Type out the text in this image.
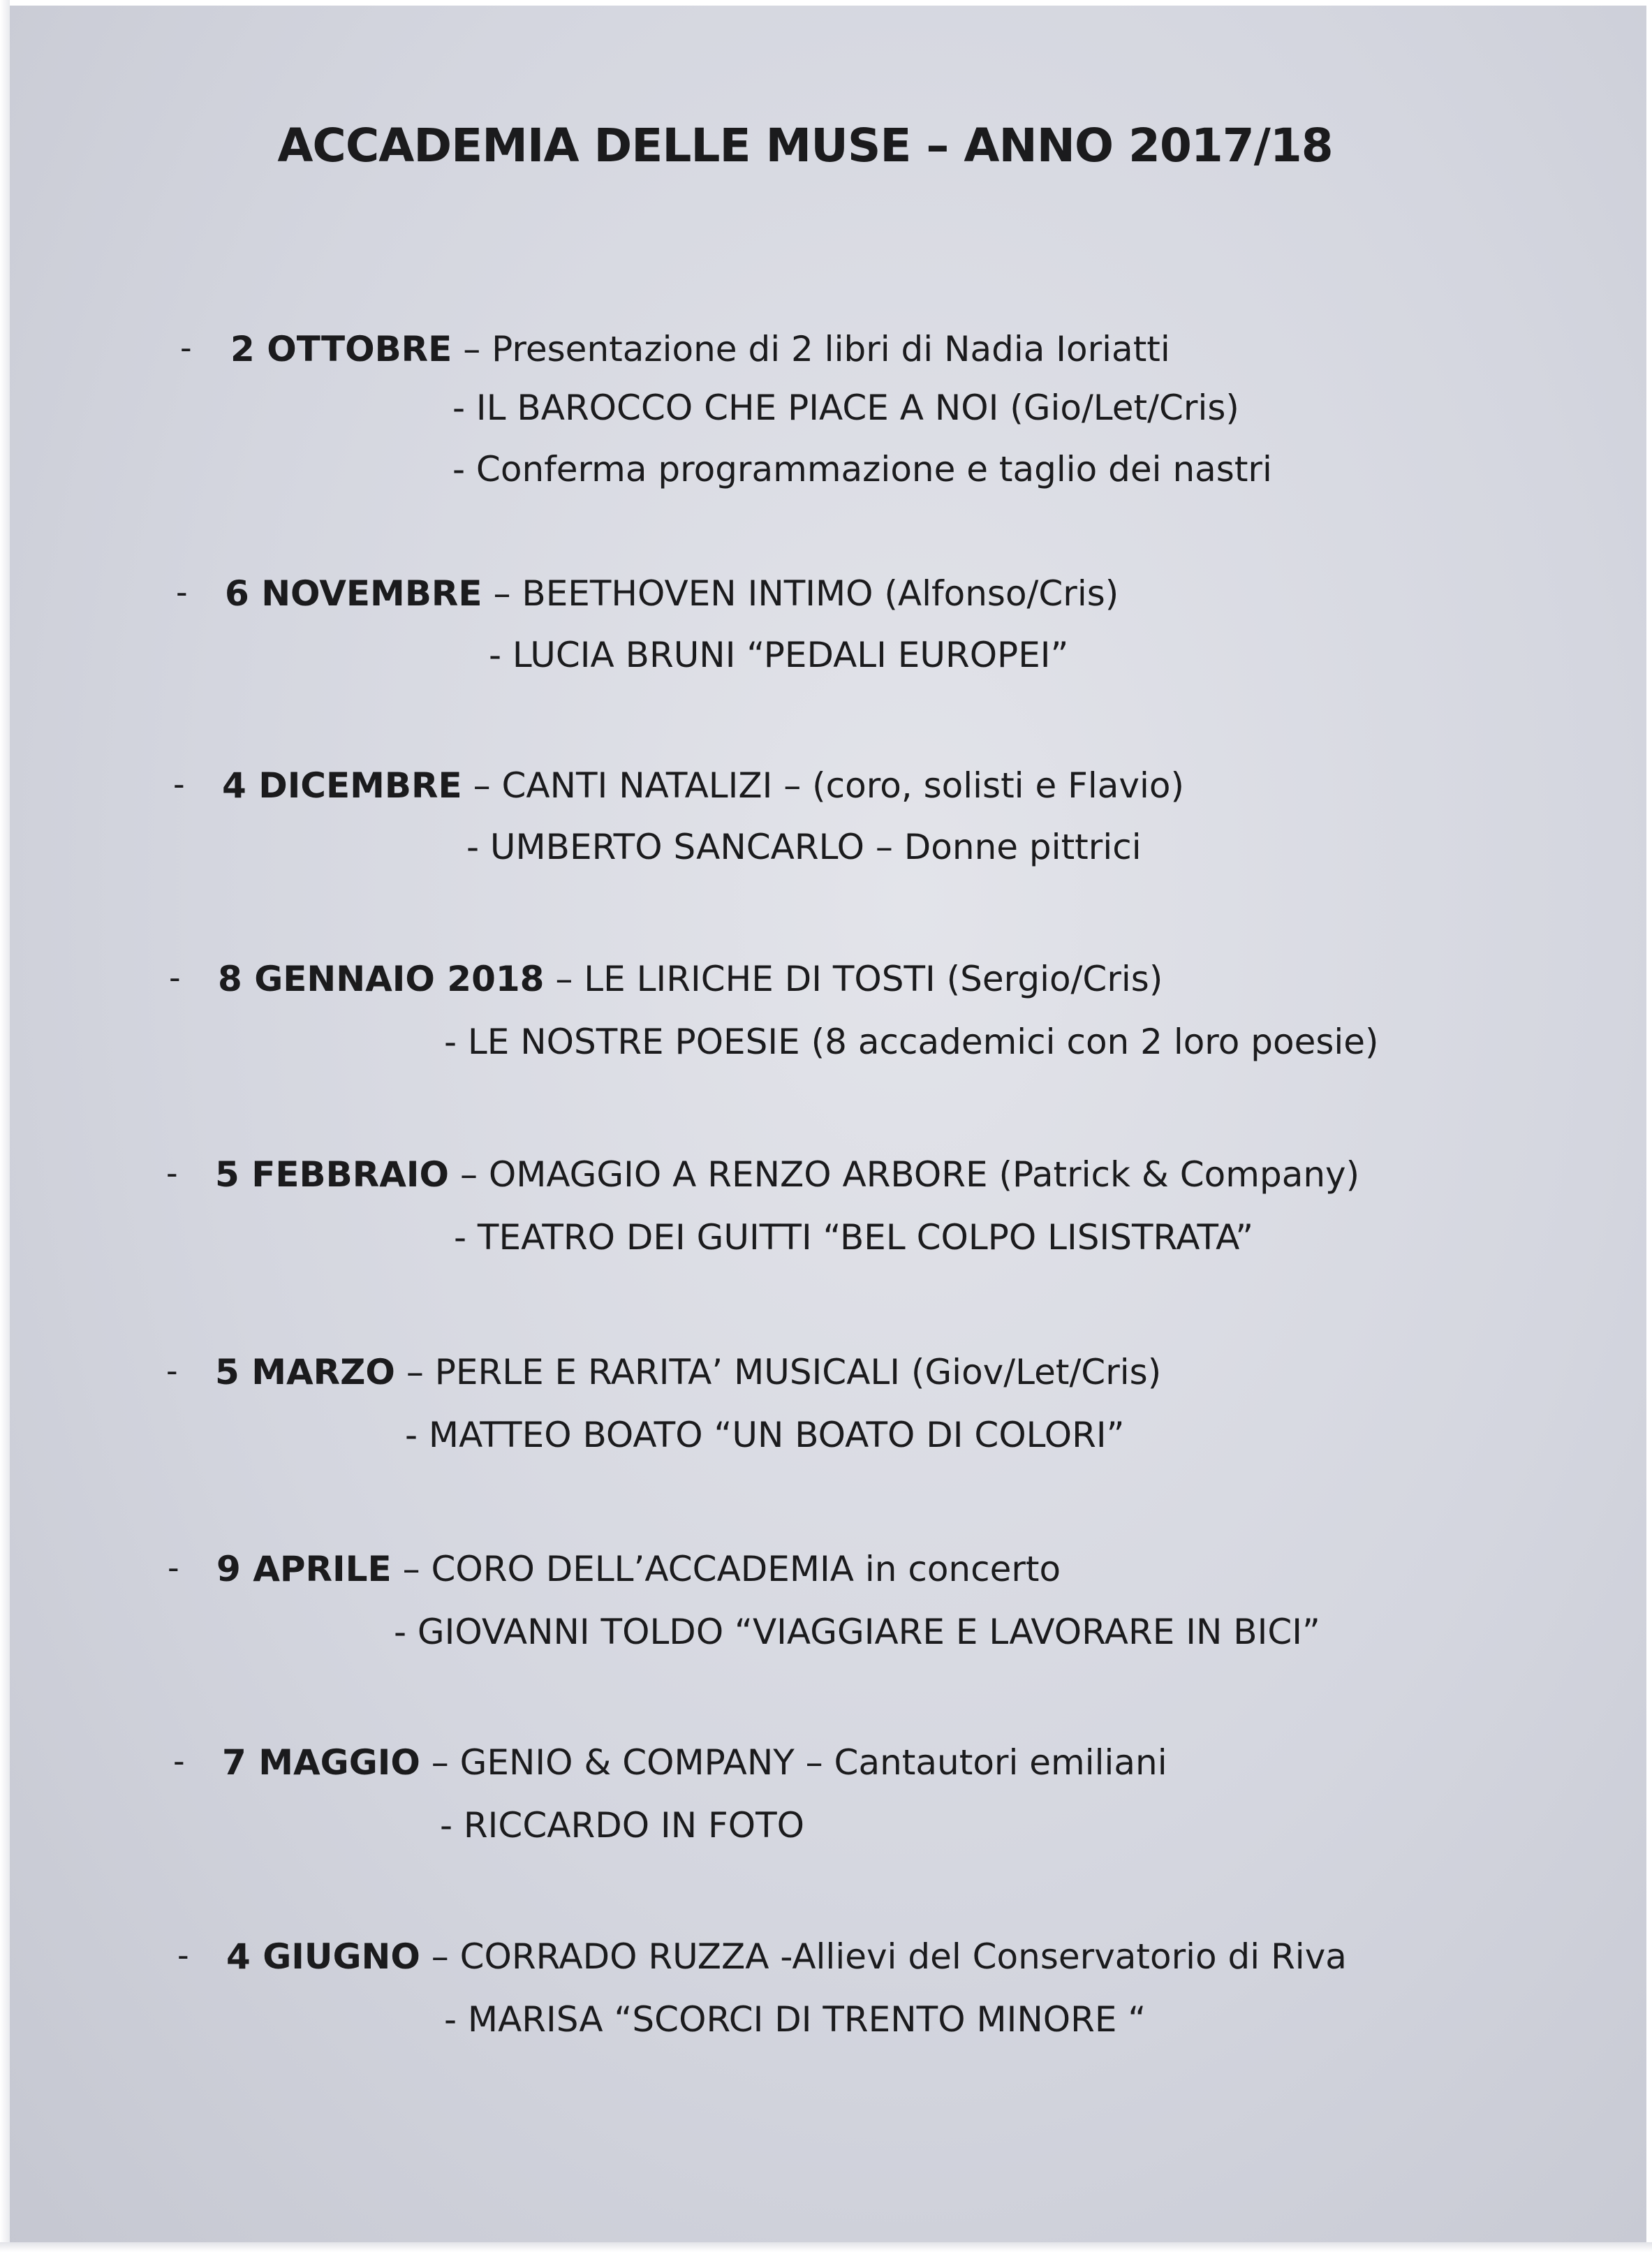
ACCADEMIA DELLE MUSE – ANNO 2017/18
- 2 OTTOBRE – Presentazione di 2 libri di Nadia Ioriatti
- IL BAROCCO CHE PIACE A NOI (Gio/Let/Cris)
- Conferma programmazione e taglio dei nastri
- 6 NOVEMBRE – BEETHOVEN INTIMO (Alfonso/Cris)
- LUCIA BRUNI “PEDALI EUROPEI”
- 4 DICEMBRE – CANTI NATALIZI – (coro, solisti e Flavio)
- UMBERTO SANCARLO – Donne pittrici
- 8 GENNAIO 2018 – LE LIRICHE DI TOSTI (Sergio/Cris)
- LE NOSTRE POESIE (8 accademici con 2 loro poesie)
- 5 FEBBRAIO – OMAGGIO A RENZO ARBORE (Patrick & Company)
- TEATRO DEI GUITTI “BEL COLPO LISISTRATA”
- 5 MARZO – PERLE E RARITA’ MUSICALI (Giov/Let/Cris)
- MATTEO BOATO “UN BOATO DI COLORI”
- 9 APRILE – CORO DELL’ACCADEMIA in concerto
- GIOVANNI TOLDO “VIAGGIARE E LAVORARE IN BICI”
- 7 MAGGIO – GENIO & COMPANY – Cantautori emiliani
- RICCARDO IN FOTO
- 4 GIUGNO – CORRADO RUZZA -Allievi del Conservatorio di Riva
- MARISA “SCORCI DI TRENTO MINORE “
